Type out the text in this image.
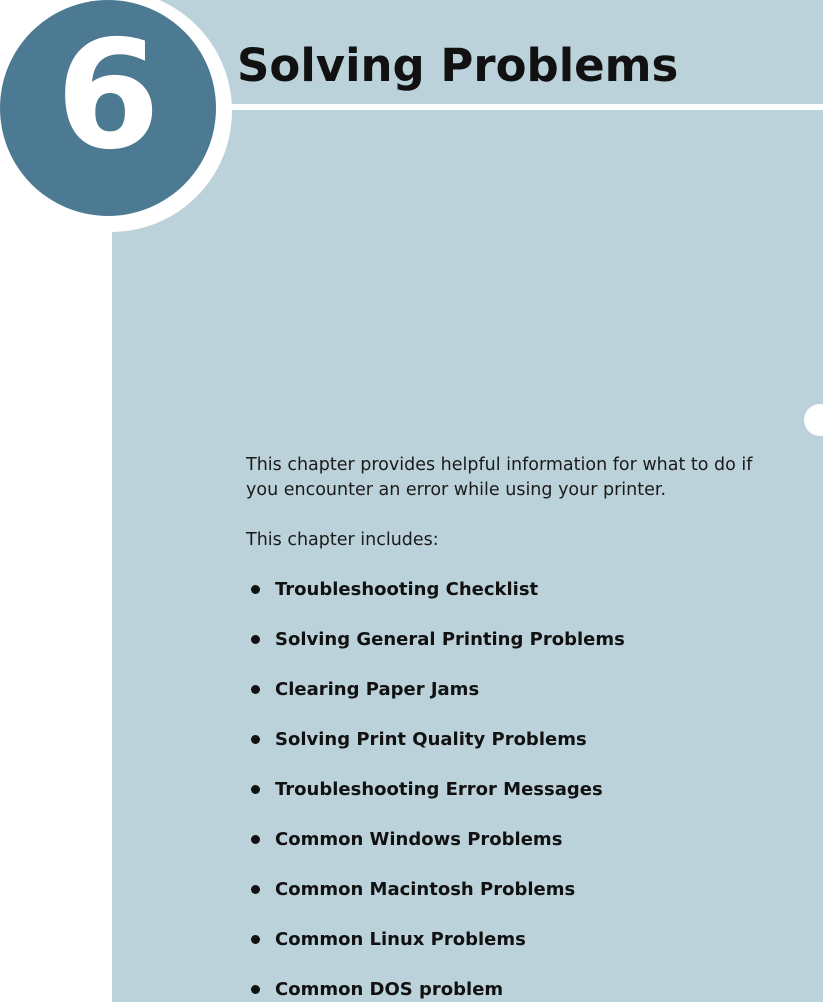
6 Solving Problems

This chapter provides helpful information for what to do if
you encounter an error while using your printer.

This chapter includes:

Troubleshooting Checklist
Solving General Printing Problems
Clearing Paper Jams
Solving Print Quality Problems
Troubleshooting Error Messages
Common Windows Problems
Common Macintosh Problems
Common Linux Problems
Common DOS problem
